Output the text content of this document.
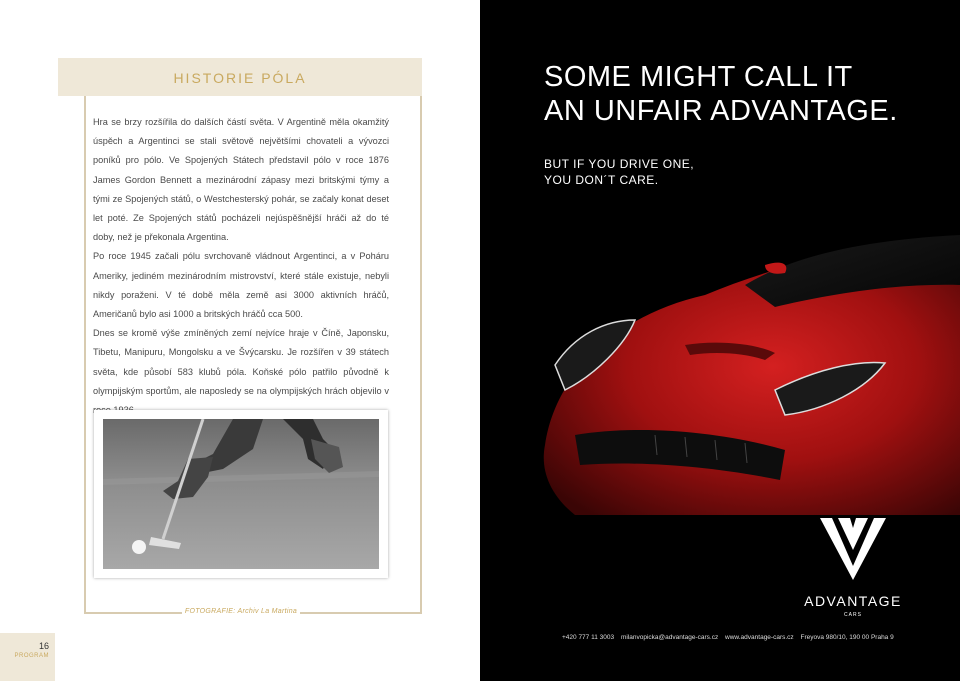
HISTORIE PÓLA

Hra se brzy rozšířila do dalších částí světa. V Argentině měla okamžitý úspěch a Argentinci se stali světově největšími chovateli a vývozci poníků pro pólo. Ve Spojených Státech představil pólo v roce 1876 James Gordon Bennett a mezinárodní zápasy mezi britskými týmy a tými ze Spojených států, o Westchesterský pohár, se začaly konat deset let poté. Ze Spojených států pocházeli nejúspěšnější hráči až do té doby, než je překonala Argentina.

Po roce 1945 začali pólu svrchovaně vládnout Argentinci, a v Poháru Ameriky, jediném mezinárodním mistrovství, které stále existuje, nebyli nikdy poraženi. V té době měla země asi 3000 aktivních hráčů, Američanů bylo asi 1000 a britských hráčů cca 500.

Dnes se kromě výše zmíněných zemí nejvíce hraje v Číně, Japonsku, Tibetu, Manipuru, Mongolsku a ve Švýcarsku. Je rozšířen v 39 státech světa, kde působí 583 klubů póla. Koňské pólo patřilo původně k olympijským sportům, ale naposledy se na olympijských hrách objevilo v

FOTOGRAFIE: Archiv La Martina
16
PROGRAM
SOME MIGHT CALL IT
AN UNFAIR ADVANTAGE.
BUT IF YOU DRIVE ONE,
YOU DON´T CARE.
ADVANTAGE
CARS
+420 777 11 3003 milanvopicka@advantage-cars.cz www.advantage-cars.cz Freyova 980/10, 190 00 Praha 9
